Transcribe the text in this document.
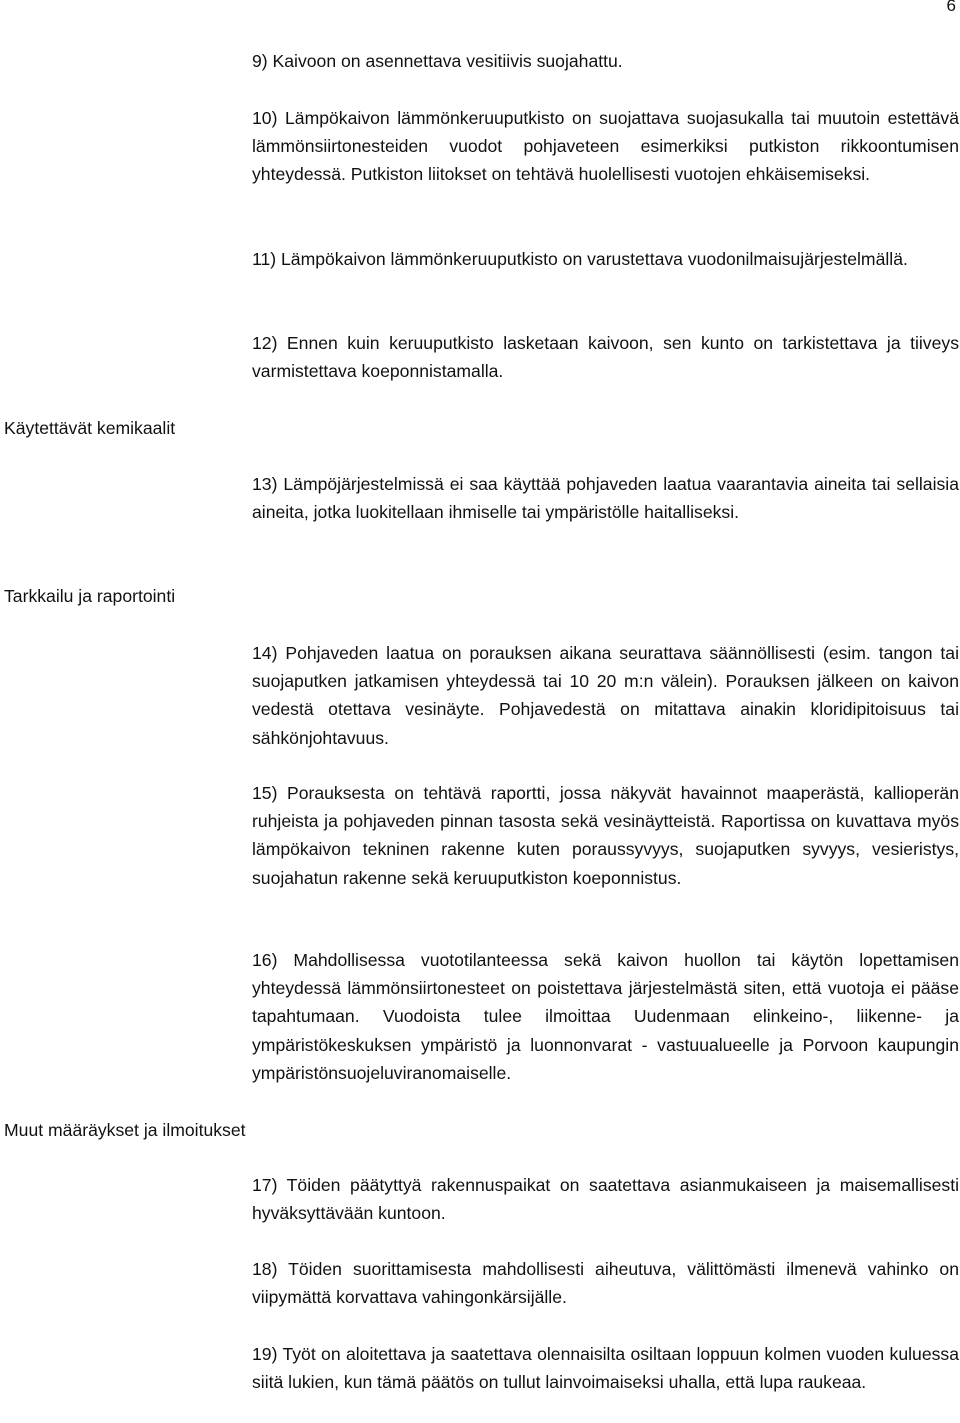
6

9) Kaivoon on asennettava vesitiivis suojahattu.

10) Lämpökaivon lämmönkeruuputkisto on suojattava suojasukalla tai muutoin estettävä lämmönsiirtonesteiden vuodot pohjaveteen esimerkiksi putkiston rikkoontumisen yhteydessä. Putkiston liitokset on tehtävä huolellisesti vuotojen ehkäisemiseksi.

11) Lämpökaivon lämmönkeruuputkisto on varustettava vuodonilmaisujärjestelmällä.

12) Ennen kuin keruuputkisto lasketaan kaivoon, sen kunto on tarkistettava ja tiiveys varmistettava koeponnistamalla.

Käytettävät kemikaalit

13) Lämpöjärjestelmissä ei saa käyttää pohjaveden laatua vaarantavia aineita tai sellaisia aineita, jotka luokitellaan ihmiselle tai ympäristölle haitalliseksi.

Tarkkailu ja raportointi

14) Pohjaveden laatua on porauksen aikana seurattava säännöllisesti (esim. tangon tai suojaputken jatkamisen yhteydessä tai 10 20 m:n välein). Porauksen jälkeen on kaivon vedestä otettava vesinäyte. Pohjavedestä on mitattava ainakin kloridipitoisuus tai sähkönjohtavuus.

15) Porauksesta on tehtävä raportti, jossa näkyvät havainnot maaperästä, kallioperän ruhjeista ja pohjaveden pinnan tasosta sekä vesinäytteistä. Raportissa on kuvattava myös lämpökaivon tekninen rakenne kuten poraussyvyys, suojaputken syvyys, vesieristys, suojahatun rakenne sekä keruuputkiston koeponnistus.

16) Mahdollisessa vuototilanteessa sekä kaivon huollon tai käytön lopettamisen yhteydessä lämmönsiirtonesteet on poistettava järjestelmästä siten, että vuotoja ei pääse tapahtumaan. Vuodoista tulee ilmoittaa Uudenmaan elinkeino-, liikenne- ja ympäristökeskuksen ympäristö ja luonnonvarat - vastuualueelle ja Porvoon kaupungin ympäristönsuojeluviranomaiselle.

Muut määräykset ja ilmoitukset

17) Töiden päätyttyä rakennuspaikat on saatettava asianmukaiseen ja maisemallisesti hyväksyttävään kuntoon.

18) Töiden suorittamisesta mahdollisesti aiheutuva, välittömästi ilmenevä vahinko on viipymättä korvattava vahingonkärsijälle.

19) Työt on aloitettava ja saatettava olennaisilta osiltaan loppuun kolmen vuoden kuluessa siitä lukien, kun tämä päätös on tullut lainvoimaiseksi uhalla, että lupa raukeaa.
